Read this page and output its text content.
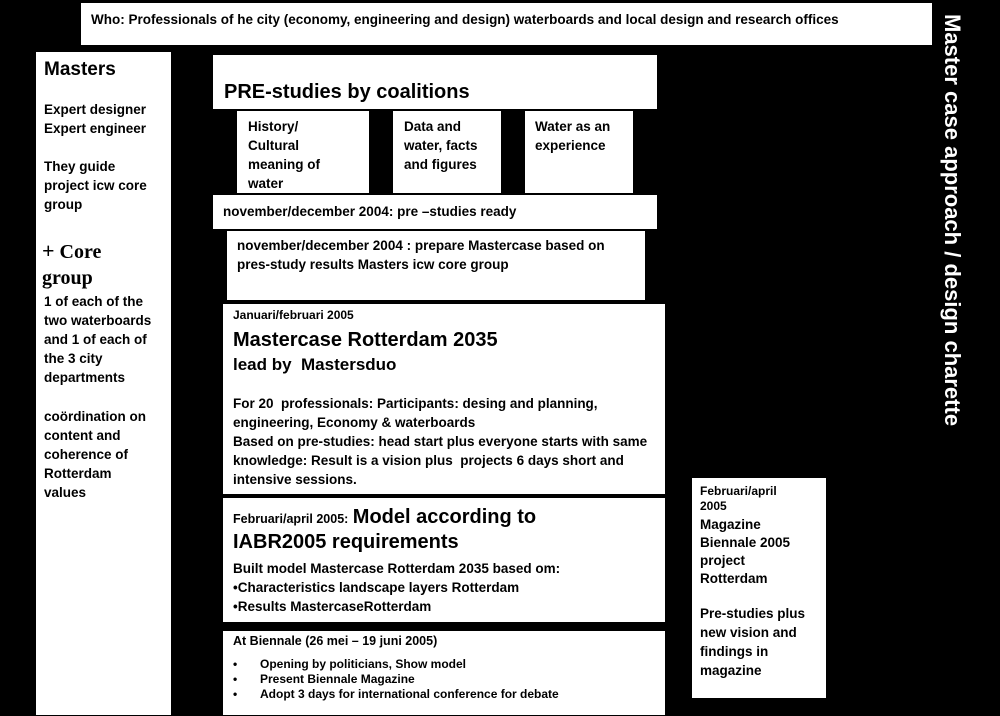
Who: Professionals of he city (economy, engineering and design) waterboards and local design and research offices	Master case approach / design charette
Masters
Expert designer
Expert engineer
They guide
project icw core
group
+ Core
group
1 of each of the
two waterboards
and 1 of each of
the 3 city
departments
coördination on
content and
coherence of
Rotterdam
values
PRE-studies by coalitions
History/
Cultural
meaning of
water
Data and
water, facts
and figures
Water as an
experience
november/december 2004: pre –studies ready
november/december 2004 : prepare Mastercase based on
pres-study results Masters icw core group
Januari/februari 2005
Mastercase Rotterdam 2035
lead by  Mastersduo
For 20  professionals: Participants: desing and planning,
engineering, Economy & waterboards
Based on pre-studies: head start plus everyone starts with same
knowledge: Result is a vision plus  projects 6 days short and
intensive sessions.
Februari/april 2005: Model according to
IABR2005 requirements
Built model Mastercase Rotterdam 2035 based om:
•Characteristics landscape layers Rotterdam
•Results MastercaseRotterdam
At Biennale (26 mei – 19 juni 2005)
• Opening by politicians, Show model
• Present Biennale Magazine
• Adopt 3 days for international conference for debate
Februari/april
2005
Magazine
Biennale 2005
project
Rotterdam
Pre-studies plus
new vision and
findings in
magazine
